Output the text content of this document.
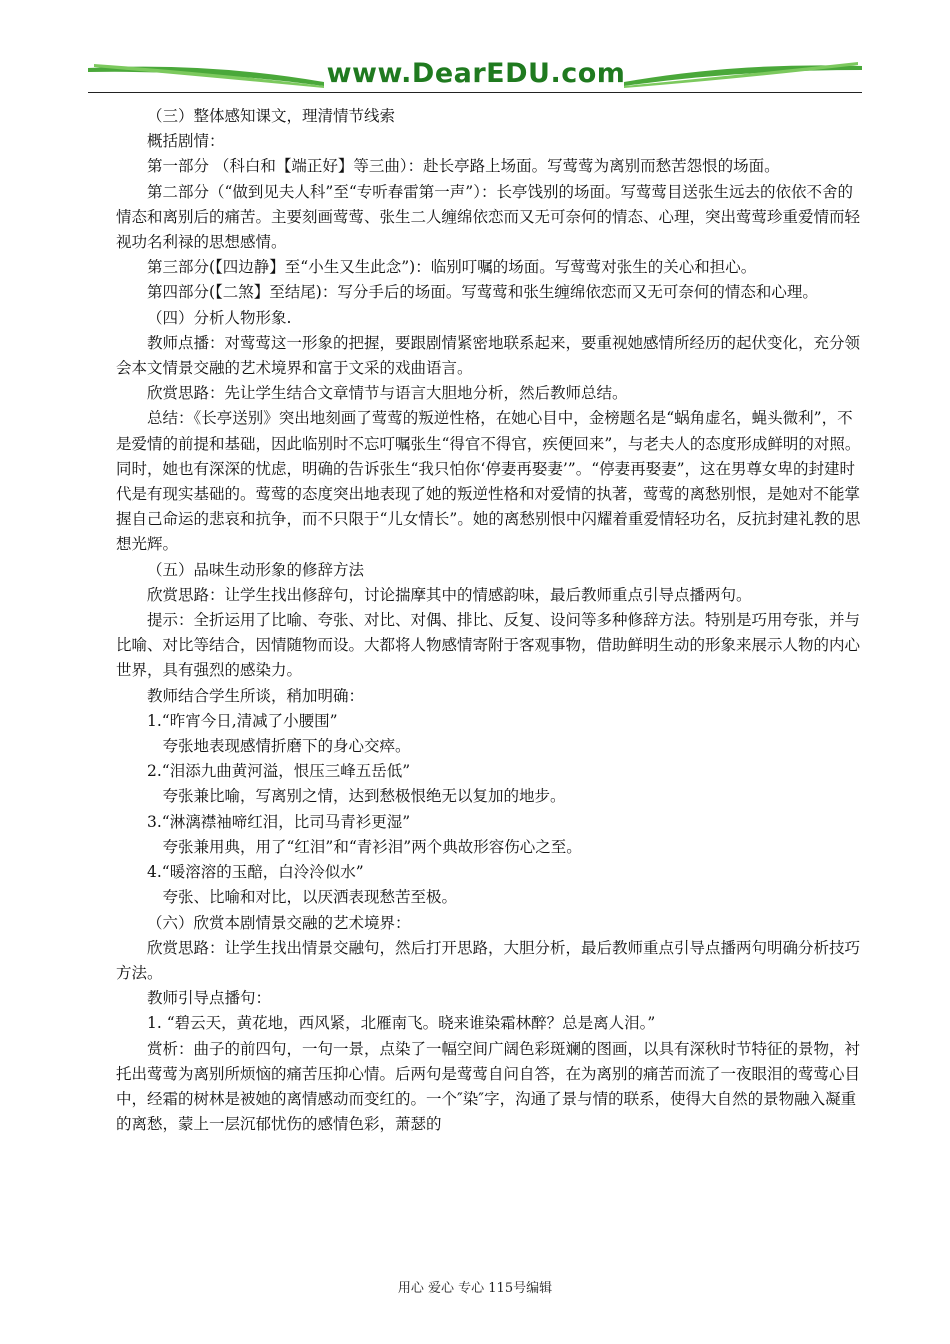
www.DearEDU.com

（三）整体感知课文，理清情节线索

概括剧情：

第一部分 （科白和【端正好】等三曲）：赴长亭路上场面。写莺莺为离别而愁苦怨恨的场面。

第二部分（“做到见夫人科”至“专听春雷第一声”）：长亭饯别的场面。写莺莺目送张生远去的依依不舍的情态和离别后的痛苦。主要刻画莺莺、张生二人缠绵依恋而又无可奈何的情态、心理，突出莺莺珍重爱情而轻视功名利禄的思想感情。

第三部分(【四边静】至“小生又生此念”)：临别叮嘱的场面。写莺莺对张生的关心和担心。

第四部分(【二煞】至结尾)：写分手后的场面。写莺莺和张生缠绵依恋而又无可奈何的情态和心理。

（四）分析人物形象.

教师点播：对莺莺这一形象的把握，要跟剧情紧密地联系起来，要重视她感情所经历的起伏变化，充分领会本文情景交融的艺术境界和富于文采的戏曲语言。

欣赏思路：先让学生结合文章情节与语言大胆地分析，然后教师总结。

总结：《长亭送别》突出地刻画了莺莺的叛逆性格，在她心目中，金榜题名是“蜗角虚名，蝇头微利”，不是爱情的前提和基础，因此临别时不忘叮嘱张生“得官不得官，疾便回来”，与老夫人的态度形成鲜明的对照。同时，她也有深深的忧虑，明确的告诉张生“我只怕你‘停妻再娶妻’”。“停妻再娶妻”，这在男尊女卑的封建时代是有现实基础的。莺莺的态度突出地表现了她的叛逆性格和对爱情的执著，莺莺的离愁别恨，是她对不能掌握自己命运的悲哀和抗争，而不只限于“儿女情长”。她的离愁别恨中闪耀着重爱情轻功名，反抗封建礼教的思想光辉。

（五）品味生动形象的修辞方法

欣赏思路：让学生找出修辞句，讨论揣摩其中的情感韵味，最后教师重点引导点播两句。

提示：全折运用了比喻、夸张、对比、对偶、排比、反复、设问等多种修辞方法。特别是巧用夸张，并与比喻、对比等结合，因情随物而设。大都将人物感情寄附于客观事物，借助鲜明生动的形象来展示人物的内心世界，具有强烈的感染力。

教师结合学生所谈，稍加明确：

1.“昨宵今日,清减了小腰围”

夸张地表现感情折磨下的身心交瘁。

2.“泪添九曲黄河溢，恨压三峰五岳低”

夸张兼比喻，写离别之情，达到愁极恨绝无以复加的地步。

3.“淋漓襟袖啼红泪，比司马青衫更湿”

夸张兼用典，用了“红泪”和“青衫泪”两个典故形容伤心之至。

4.“暖溶溶的玉醅，白泠泠似水”

夸张、比喻和对比，以厌洒表现愁苦至极。

（六）欣赏本剧情景交融的艺术境界：

欣赏思路：让学生找出情景交融句，然后打开思路，大胆分析，最后教师重点引导点播两句明确分析技巧方法。

教师引导点播句：

1. “碧云天，黄花地，西风紧，北雁南飞。晓来谁染霜林醉？总是离人泪。”

赏析：曲子的前四句，一句一景，点染了一幅空间广阔色彩斑斓的图画，以具有深秋时节特征的景物，衬托出莺莺为离别所烦恼的痛苦压抑心情。后两句是莺莺自问自答，在为离别的痛苦而流了一夜眼泪的莺莺心目中，经霜的树林是被她的离情感动而变红的。一个″染″字，沟通了景与情的联系，使得大自然的景物融入凝重的离愁，蒙上一层沉郁忧伤的感情色彩，萧瑟的

用心 爱心 专心 115号编辑
